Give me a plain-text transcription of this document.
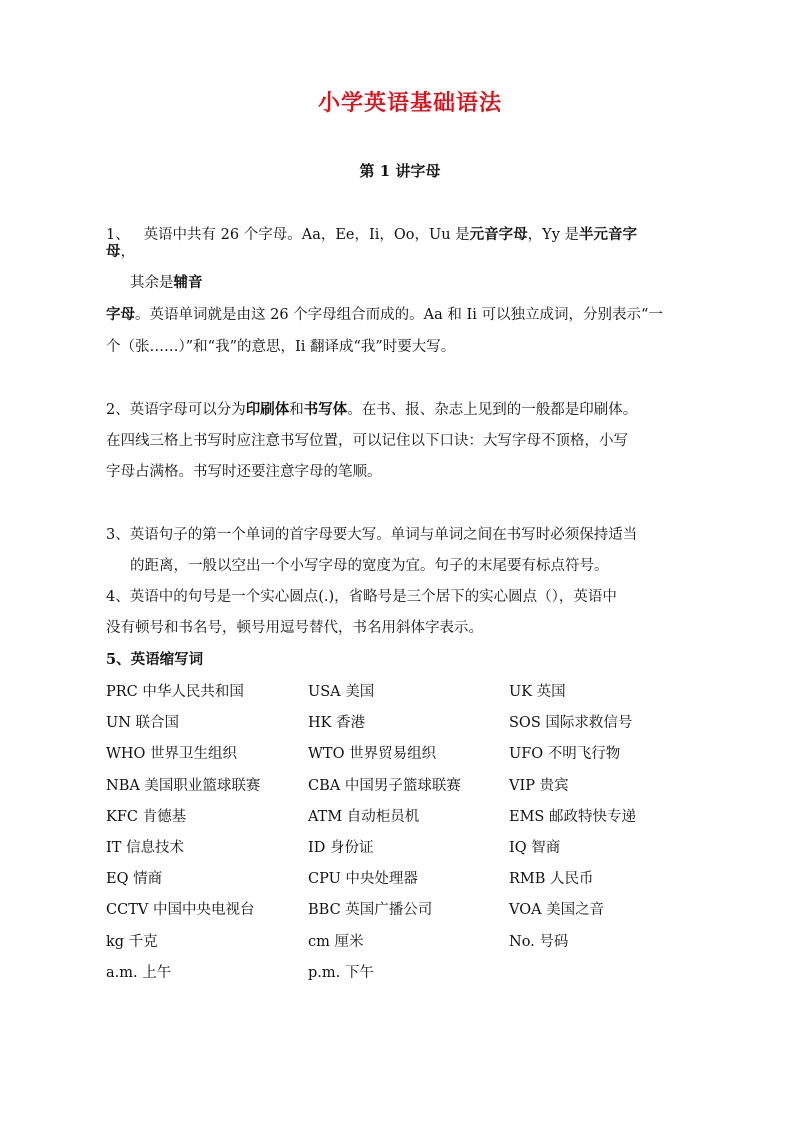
小学英语基础语法
第 1 讲字母
1、 英语中共有 26 个字母。Aa，Ee，Ii，Oo，Uu 是元音字母，Yy 是半元音字
母，
其余是辅音
字母。英语单词就是由这 26 个字母组合而成的。Aa 和 Ii 可以独立成词，分别表示“一
个（张……）”和“我”的意思，Ii 翻译成“我”时要大写。
2、英语字母可以分为印刷体和书写体。在书、报、杂志上见到的一般都是印刷体。
在四线三格上书写时应注意书写位置，可以记住以下口诀：大写字母不顶格，小写
字母占满格。书写时还要注意字母的笔顺。
3、英语句子的第一个单词的首字母要大写。单词与单词之间在书写时必须保持适当
的距离，一般以空出一个小写字母的宽度为宜。句子的末尾要有标点符号。
4、英语中的句号是一个实心圆点(.)，省略号是三个居下的实心圆点（），英语中
没有顿号和书名号，顿号用逗号替代，书名用斜体字表示。
5、英语缩写词
PRC 中华人民共和国	USA 美国	UK 英国
UN 联合国	HK 香港	SOS 国际求救信号
WHO 世界卫生组织	WTO 世界贸易组织	UFO 不明飞行物
NBA 美国职业篮球联赛	CBA 中国男子篮球联赛	VIP 贵宾
KFC 肯德基	ATM 自动柜员机	EMS 邮政特快专递
IT 信息技术	ID 身份证	IQ 智商
EQ 情商	CPU 中央处理器	RMB 人民币
CCTV 中国中央电视台	BBC 英国广播公司	VOA 美国之音
kg 千克	cm 厘米	No. 号码
a.m. 上午	p.m. 下午
